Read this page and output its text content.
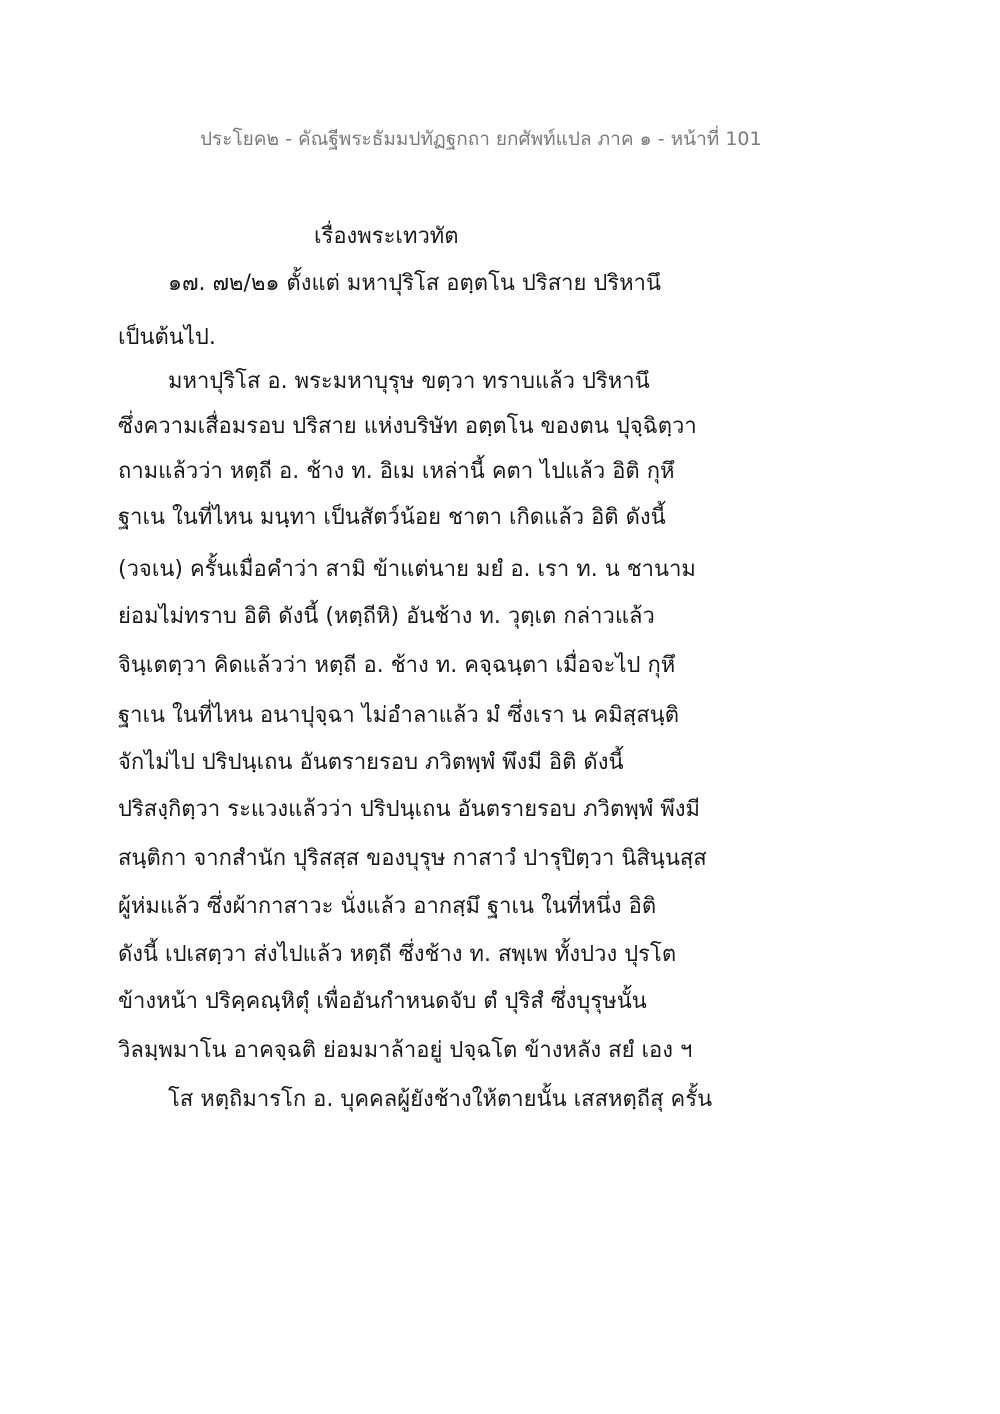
ประโยค๒ - คัณฐีพระธัมมปทัฏฐกถา ยกศัพท์แปล ภาค ๑ - หน้าที่ 101
เรื่องพระเทวทัต
๑๗. ๗๒/๒๑ ตั้งแต่ มหาปุริโส อตฺตโน ปริสาย ปริหานึ
เป็นต้นไป.
มหาปุริโส อ. พระมหาบุรุษ ขตฺวา ทราบแล้ว ปริหานึ
ซึ่งความเสื่อมรอบ ปริสาย แห่งบริษัท อตฺตโน ของตน ปุจฺฉิตฺวา
ถามแล้วว่า หตฺถี อ. ช้าง ท. อิเม เหล่านี้ คตา ไปแล้ว อิติ กุหึ
ฐาเน ในที่ไหน มนฺทา เป็นสัตว์น้อย ชาตา เกิดแล้ว อิติ ดังนี้
(วจเน) ครั้นเมื่อคำว่า สามิ ข้าแต่นาย มยํ อ. เรา ท. น ชานาม
ย่อมไม่ทราบ อิติ ดังนี้ (หตฺถีหิ) อันช้าง ท. วุตฺเต กล่าวแล้ว
จินฺเตตฺวา คิดแล้วว่า หตฺถี อ. ช้าง ท. คจฺฉนฺตา เมื่อจะไป กุหึ
ฐาเน ในที่ไหน อนาปุจฺฉา ไม่อำลาแล้ว มํ ซึ่งเรา น คมิสฺสนฺติ
จักไม่ไป ปริปนฺเถน อันตรายรอบ ภวิตพฺพํ พึงมี อิติ ดังนี้
ปริสงฺกิตฺวา ระแวงแล้วว่า ปริปนฺเถน อันตรายรอบ ภวิตพฺพํ พึงมี
สนฺติกา จากสำนัก ปุริสสฺส ของบุรุษ กาสาวํ ปารุปิตฺวา นิสินฺนสฺส
ผู้ห่มแล้ว ซึ่งผ้ากาสาวะ นั่งแล้ว อากสฺมึ ฐาเน ในที่หนึ่ง อิติ
ดังนี้ เปเสตฺวา ส่งไปแล้ว หตฺถี ซึ่งช้าง ท. สพฺเพ ทั้งปวง ปุรโต
ข้างหน้า ปริคฺคณฺหิตุํ เพื่ออันกำหนดจับ ตํ ปุริสํ ซึ่งบุรุษนั้น
วิลมฺพมาโน อาคจฺฉติ ย่อมมาล้าอยู่ ปจฺฉโต ข้างหลัง สยํ เอง ฯ
โส หตฺถิมารโก อ. บุคคลผู้ยังช้างให้ตายนั้น เสสหตฺถีสุ ครั้น
